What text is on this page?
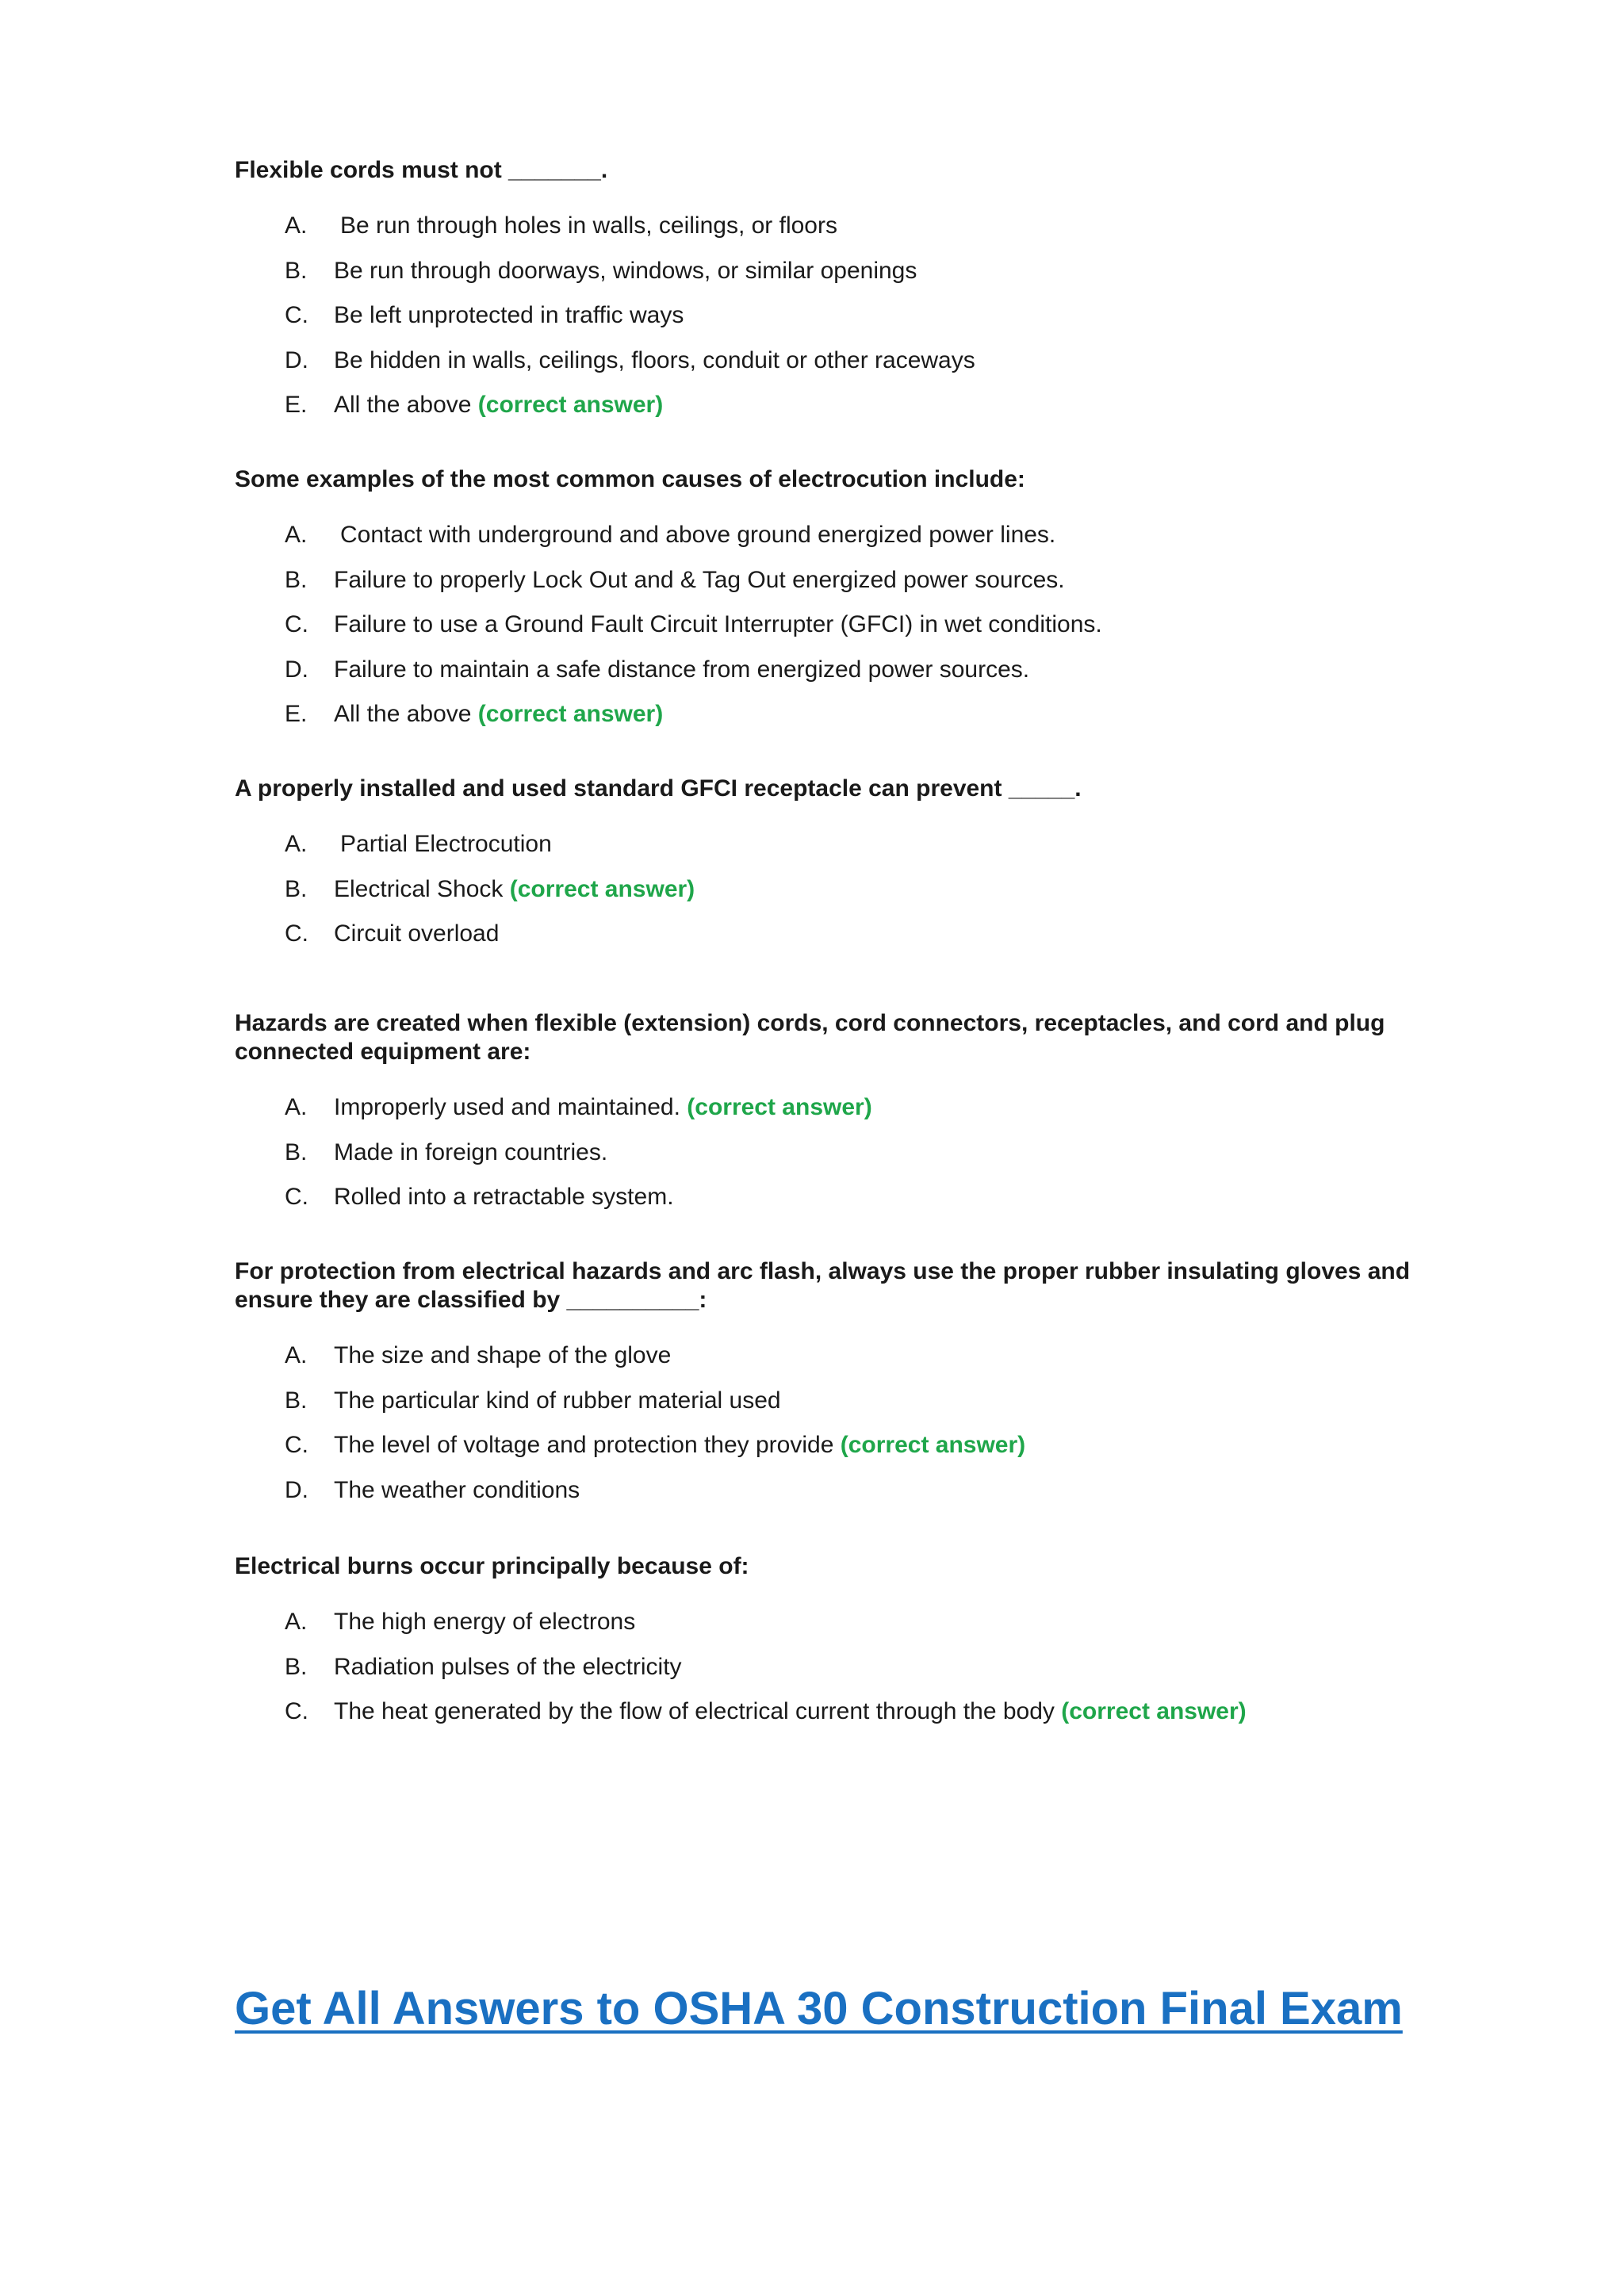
Flexible cords must not _______.

A. Be run through holes in walls, ceilings, or floors
B. Be run through doorways, windows, or similar openings
C. Be left unprotected in traffic ways
D. Be hidden in walls, ceilings, floors, conduit or other raceways
E. All the above (correct answer)

Some examples of the most common causes of electrocution include:

A. Contact with underground and above ground energized power lines.
B. Failure to properly Lock Out and & Tag Out energized power sources.
C. Failure to use a Ground Fault Circuit Interrupter (GFCI) in wet conditions.
D. Failure to maintain a safe distance from energized power sources.
E. All the above (correct answer)

A properly installed and used standard GFCI receptacle can prevent _____.

A. Partial Electrocution
B. Electrical Shock (correct answer)
C. Circuit overload

Hazards are created when flexible (extension) cords, cord connectors, receptacles, and cord and plug connected equipment are:

A. Improperly used and maintained. (correct answer)
B. Made in foreign countries.
C. Rolled into a retractable system.

For protection from electrical hazards and arc flash, always use the proper rubber insulating gloves and ensure they are classified by __________:

A. The size and shape of the glove
B. The particular kind of rubber material used
C. The level of voltage and protection they provide (correct answer)
D. The weather conditions

Electrical burns occur principally because of:

A. The high energy of electrons
B. Radiation pulses of the electricity
C. The heat generated by the flow of electrical current through the body (correct answer)
Get All Answers to OSHA 30 Construction Final Exam
